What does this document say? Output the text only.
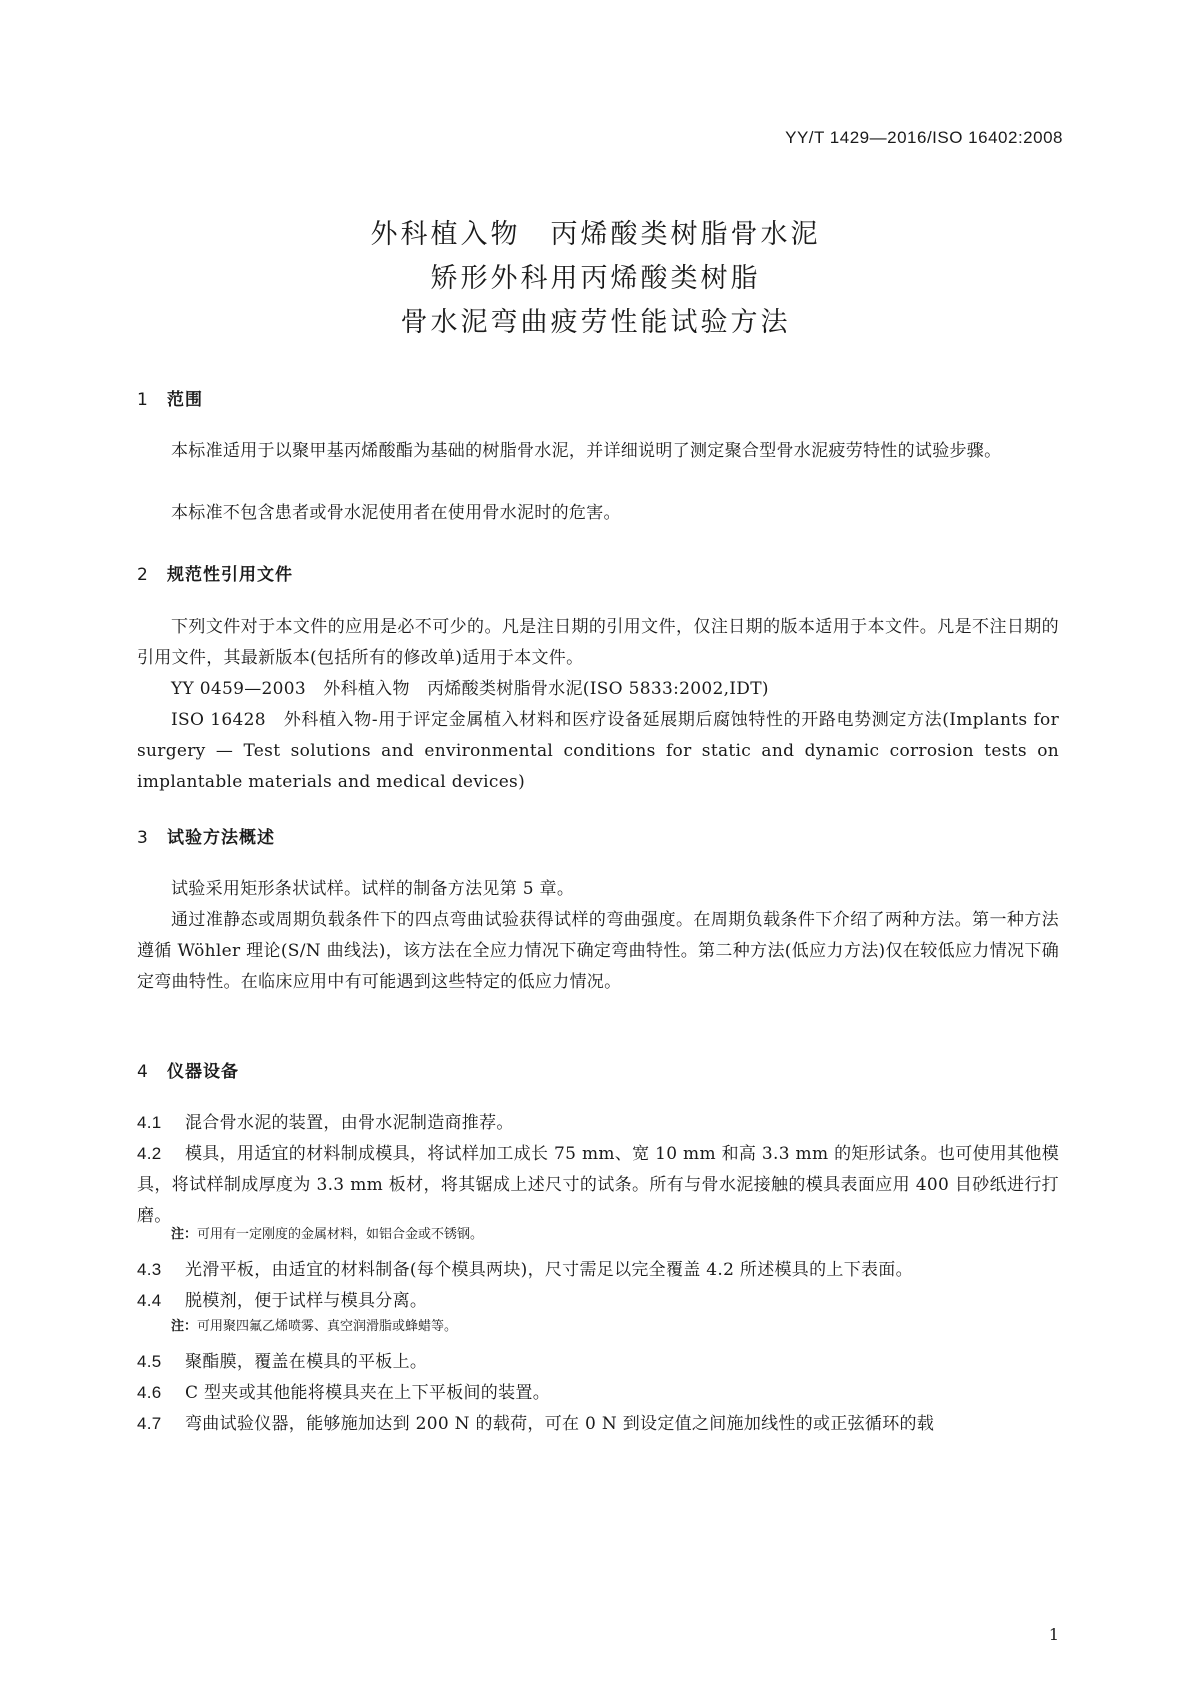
YY/T 1429—2016/ISO 16402:2008
外科植入物　丙烯酸类树脂骨水泥
矫形外科用丙烯酸类树脂
骨水泥弯曲疲劳性能试验方法
1 范围
本标准适用于以聚甲基丙烯酸酯为基础的树脂骨水泥，并详细说明了测定聚合型骨水泥疲劳特性的试验步骤。
本标准不包含患者或骨水泥使用者在使用骨水泥时的危害。
2 规范性引用文件
下列文件对于本文件的应用是必不可少的。凡是注日期的引用文件，仅注日期的版本适用于本文件。凡是不注日期的引用文件，其最新版本(包括所有的修改单)适用于本文件。
YY 0459—2003　外科植入物　丙烯酸类树脂骨水泥(ISO 5833:2002,IDT)
ISO 16428　外科植入物-用于评定金属植入材料和医疗设备延展期后腐蚀特性的开路电势测定方法(Implants for surgery — Test solutions and environmental conditions for static and dynamic corrosion tests on implantable materials and medical devices)
3 试验方法概述
试验采用矩形条状试样。试样的制备方法见第 5 章。
通过准静态或周期负载条件下的四点弯曲试验获得试样的弯曲强度。在周期负载条件下介绍了两种方法。第一种方法遵循 Wöhler 理论(S/N 曲线法)，该方法在全应力情况下确定弯曲特性。第二种方法(低应力方法)仅在较低应力情况下确定弯曲特性。在临床应用中有可能遇到这些特定的低应力情况。
4 仪器设备
4.1 混合骨水泥的装置，由骨水泥制造商推荐。
4.2 模具，用适宜的材料制成模具，将试样加工成长 75 mm、宽 10 mm 和高 3.3 mm 的矩形试条。也可使用其他模具，将试样制成厚度为 3.3 mm 板材，将其锯成上述尺寸的试条。所有与骨水泥接触的模具表面应用 400 目砂纸进行打磨。
注：可用有一定刚度的金属材料，如铝合金或不锈钢。
4.3 光滑平板，由适宜的材料制备(每个模具两块)，尺寸需足以完全覆盖 4.2 所述模具的上下表面。
4.4 脱模剂，便于试样与模具分离。
注：可用聚四氟乙烯喷雾、真空润滑脂或蜂蜡等。
4.5 聚酯膜，覆盖在模具的平板上。
4.6 C 型夹或其他能将模具夹在上下平板间的装置。
4.7 弯曲试验仪器，能够施加达到 200 N 的载荷，可在 0 N 到设定值之间施加线性的或正弦循环的载
1
